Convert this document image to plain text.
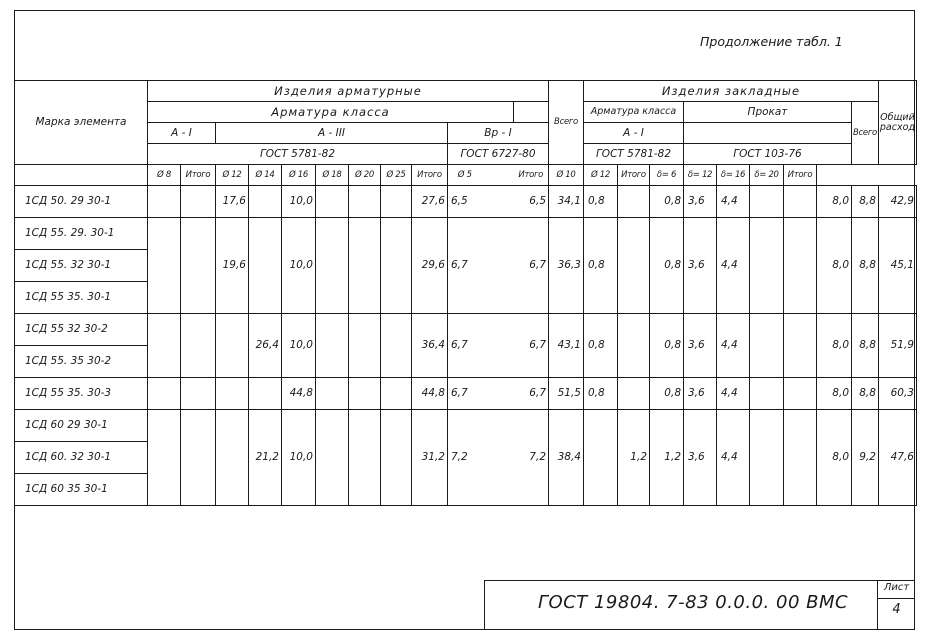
Продолжение табл. 1
Марка элемента	Изделия арматурные												Всего	Изделия закладные									Общий расход
	Арматура класса													Арматура класса			Прокат					Всего	
	А - I		А - III							Вр - I				А - I									
	ГОСТ 5781-82									ГОСТ 6727-80				ГОСТ 5781-82			ГОСТ 103-76						
	Ø 8	Итого	Ø 12	Ø 14	Ø 16	Ø 18	Ø 20	Ø 25	Итого	Ø 5		Итого	Ø 10	Ø 12	Итого	δ= 6	δ= 12	δ= 16	δ= 20	Итого			
1СД 50. 29 30-1			17,6		10,0				27,6	6,5		6,5	34,1	0,8		0,8	3,6	4,4			8,0	8,8	42,9
1СД 55. 29. 30-1			19,6		10,0				29,6	6,7		6,7	36,3	0,8		0,8	3,6	4,4			8,0	8,8	45,1
1СД 55. 32 30-1																							
1СД 55 35. 30-1																							
1СД 55 32 30-2				26,4	10,0				36,4	6,7		6,7	43,1	0,8		0,8	3,6	4,4			8,0	8,8	51,9
1СД 55. 35 30-2																							
1СД 55 35. 30-3					44,8				44,8	6,7		6,7	51,5	0,8		0,8	3,6	4,4			8,0	8,8	60,3
1СД 60 29 30-1				21,2	10,0				31,2	7,2		7,2	38,4		1,2	1,2	3,6	4,4			8,0	9,2	47,6
1СД 60. 32 30-1																							
1СД 60 35 30-1																							
ГОСТ 19804. 7-83 0.0.0. 00 ВМС
Лист
4
